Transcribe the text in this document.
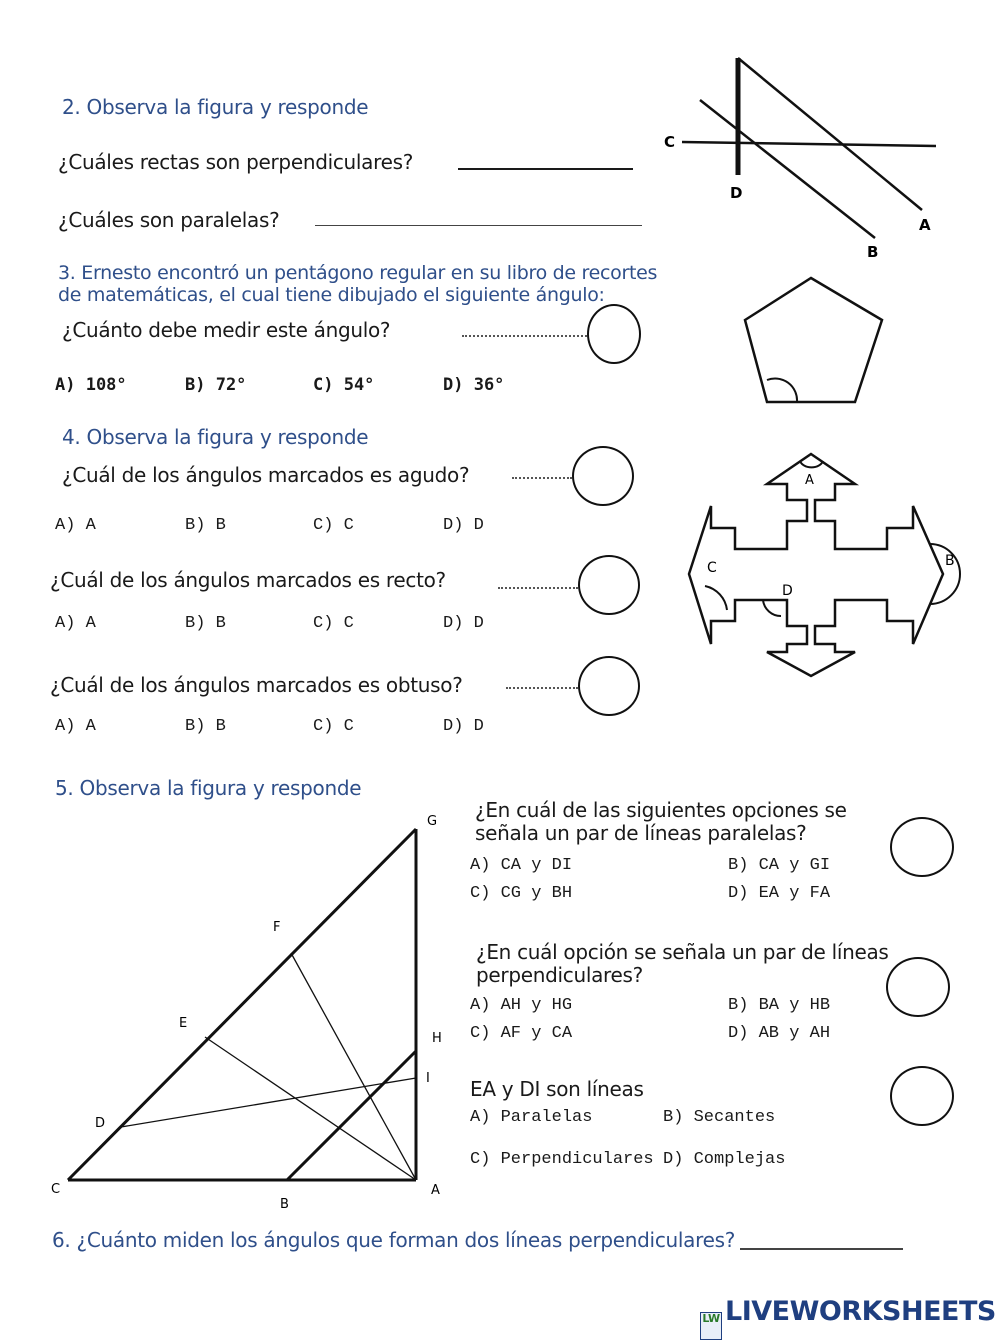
2. Observa la figura y responde
¿Cuáles rectas son perpendiculares?
¿Cuáles son paralelas?
C
D
A
B
3. Ernesto encontró un pentágono regular en su libro de recortes
de matemáticas, el cual tiene dibujado el siguiente ángulo:
¿Cuánto debe medir este ángulo?
A) 108°	B) 72°	C) 54°	D) 36°
4. Observa la figura y responde
¿Cuál de los ángulos marcados es agudo?
A) A	B) B	C) C	D) D
¿Cuál de los ángulos marcados es recto?
A) A	B) B	C) C	D) D
¿Cuál de los ángulos marcados es obtuso?
A) A	B) B	C) C	D) D
A
B
C
D
5. Observa la figura y responde
G
F
E
D
C
B
A
H
I
¿En cuál de las siguientes opciones se
señala un par de líneas paralelas?
A) CA y DI	B) CA y GI
C) CG y BH	D) EA y FA
¿En cuál opción se señala un par de líneas
perpendiculares?
A) AH y HG	B) BA y HB
C) AF y CA	D) AB y AH
EA y DI son líneas
A) Paralelas	B) Secantes
C) Perpendiculares D) Complejas
6. ¿Cuánto miden los ángulos que forman dos líneas perpendiculares?
LW LIVEWORKSHEETS
